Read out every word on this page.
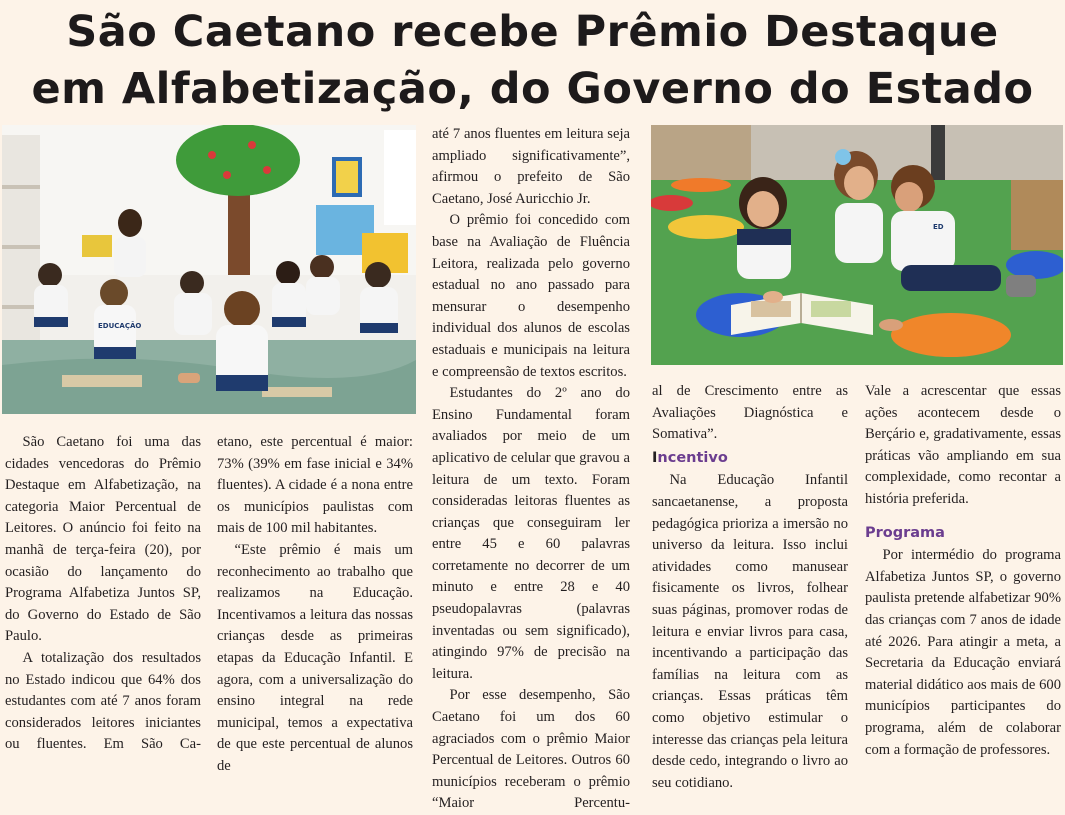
São Caetano recebe Prêmio Destaque
em Alfabetização, do Governo do Estado
EDUCAÇÃO
ED

São Caetano foi uma das cidades vencedoras do Prêmio Destaque em Alfabetização, na categoria Maior Percentual de Leitores. O anúncio foi feito na manhã de terça-feira (20), por ocasião do lançamento do Programa Alfabetiza Juntos SP, do Governo do Estado de São Paulo.

A totalização dos resultados no Estado indicou que 64% dos estudantes com até 7 anos foram considerados leitores iniciantes ou fluentes. Em São Ca-

etano, este percentual é maior: 73% (39% em fase inicial e 34% fluentes). A cidade é a nona entre os municípios paulistas com mais de 100 mil habitantes.

“Este prêmio é mais um reconhecimento ao trabalho que realizamos na Educação. Incentivamos a leitura das nossas crianças desde as primeiras etapas da Educação Infantil. E agora, com a universalização do ensino integral na rede municipal, temos a expectativa de que este percentual de alunos de

até 7 anos fluentes em leitura seja ampliado significativamente”, afirmou o prefeito de São Caetano, José Auricchio Jr.

O prêmio foi concedido com base na Avaliação de Fluência Leitora, realizada pelo governo estadual no ano passado para mensurar o desempenho individual dos alunos de escolas estaduais e municipais na leitura e compreensão de textos escritos.

Estudantes do 2º ano do Ensino Fundamental foram avaliados por meio de um aplicativo de celular que gravou a leitura de um texto. Foram consideradas leitoras fluentes as crianças que conseguiram ler entre 45 e 60 palavras corretamente no decorrer de um minuto e entre 28 e 40 pseudopalavras (palavras inventadas ou sem significado), atingindo 97% de precisão na leitura.

Por esse desempenho, São Caetano foi um dos 60 agraciados com o prêmio Maior Percentual de Leitores. Outros 60 municípios receberam o prêmio “Maior Percentu-

al de Crescimento entre as Avaliações Diagnóstica e Somativa”.

Incentivo

Na Educação Infantil sancaetanense, a proposta pedagógica prioriza a imersão no universo da leitura. Isso inclui atividades como manusear fisicamente os livros, folhear suas páginas, promover rodas de leitura e enviar livros para casa, incentivando a participação das famílias na leitura com as crianças. Essas práticas têm como objetivo estimular o interesse das crianças pela leitura desde cedo, integrando o livro ao seu cotidiano.

Vale a acrescentar que essas ações acontecem desde o Berçário e, gradativamente, essas práticas vão ampliando em sua complexidade, como recontar a história preferida.

Programa

Por intermédio do programa Alfabetiza Juntos SP, o governo paulista pretende alfabetizar 90% das crianças com 7 anos de idade até 2026. Para atingir a meta, a Secretaria da Educação enviará material didático aos mais de 600 municípios participantes do programa, além de colaborar com a formação de professores.
